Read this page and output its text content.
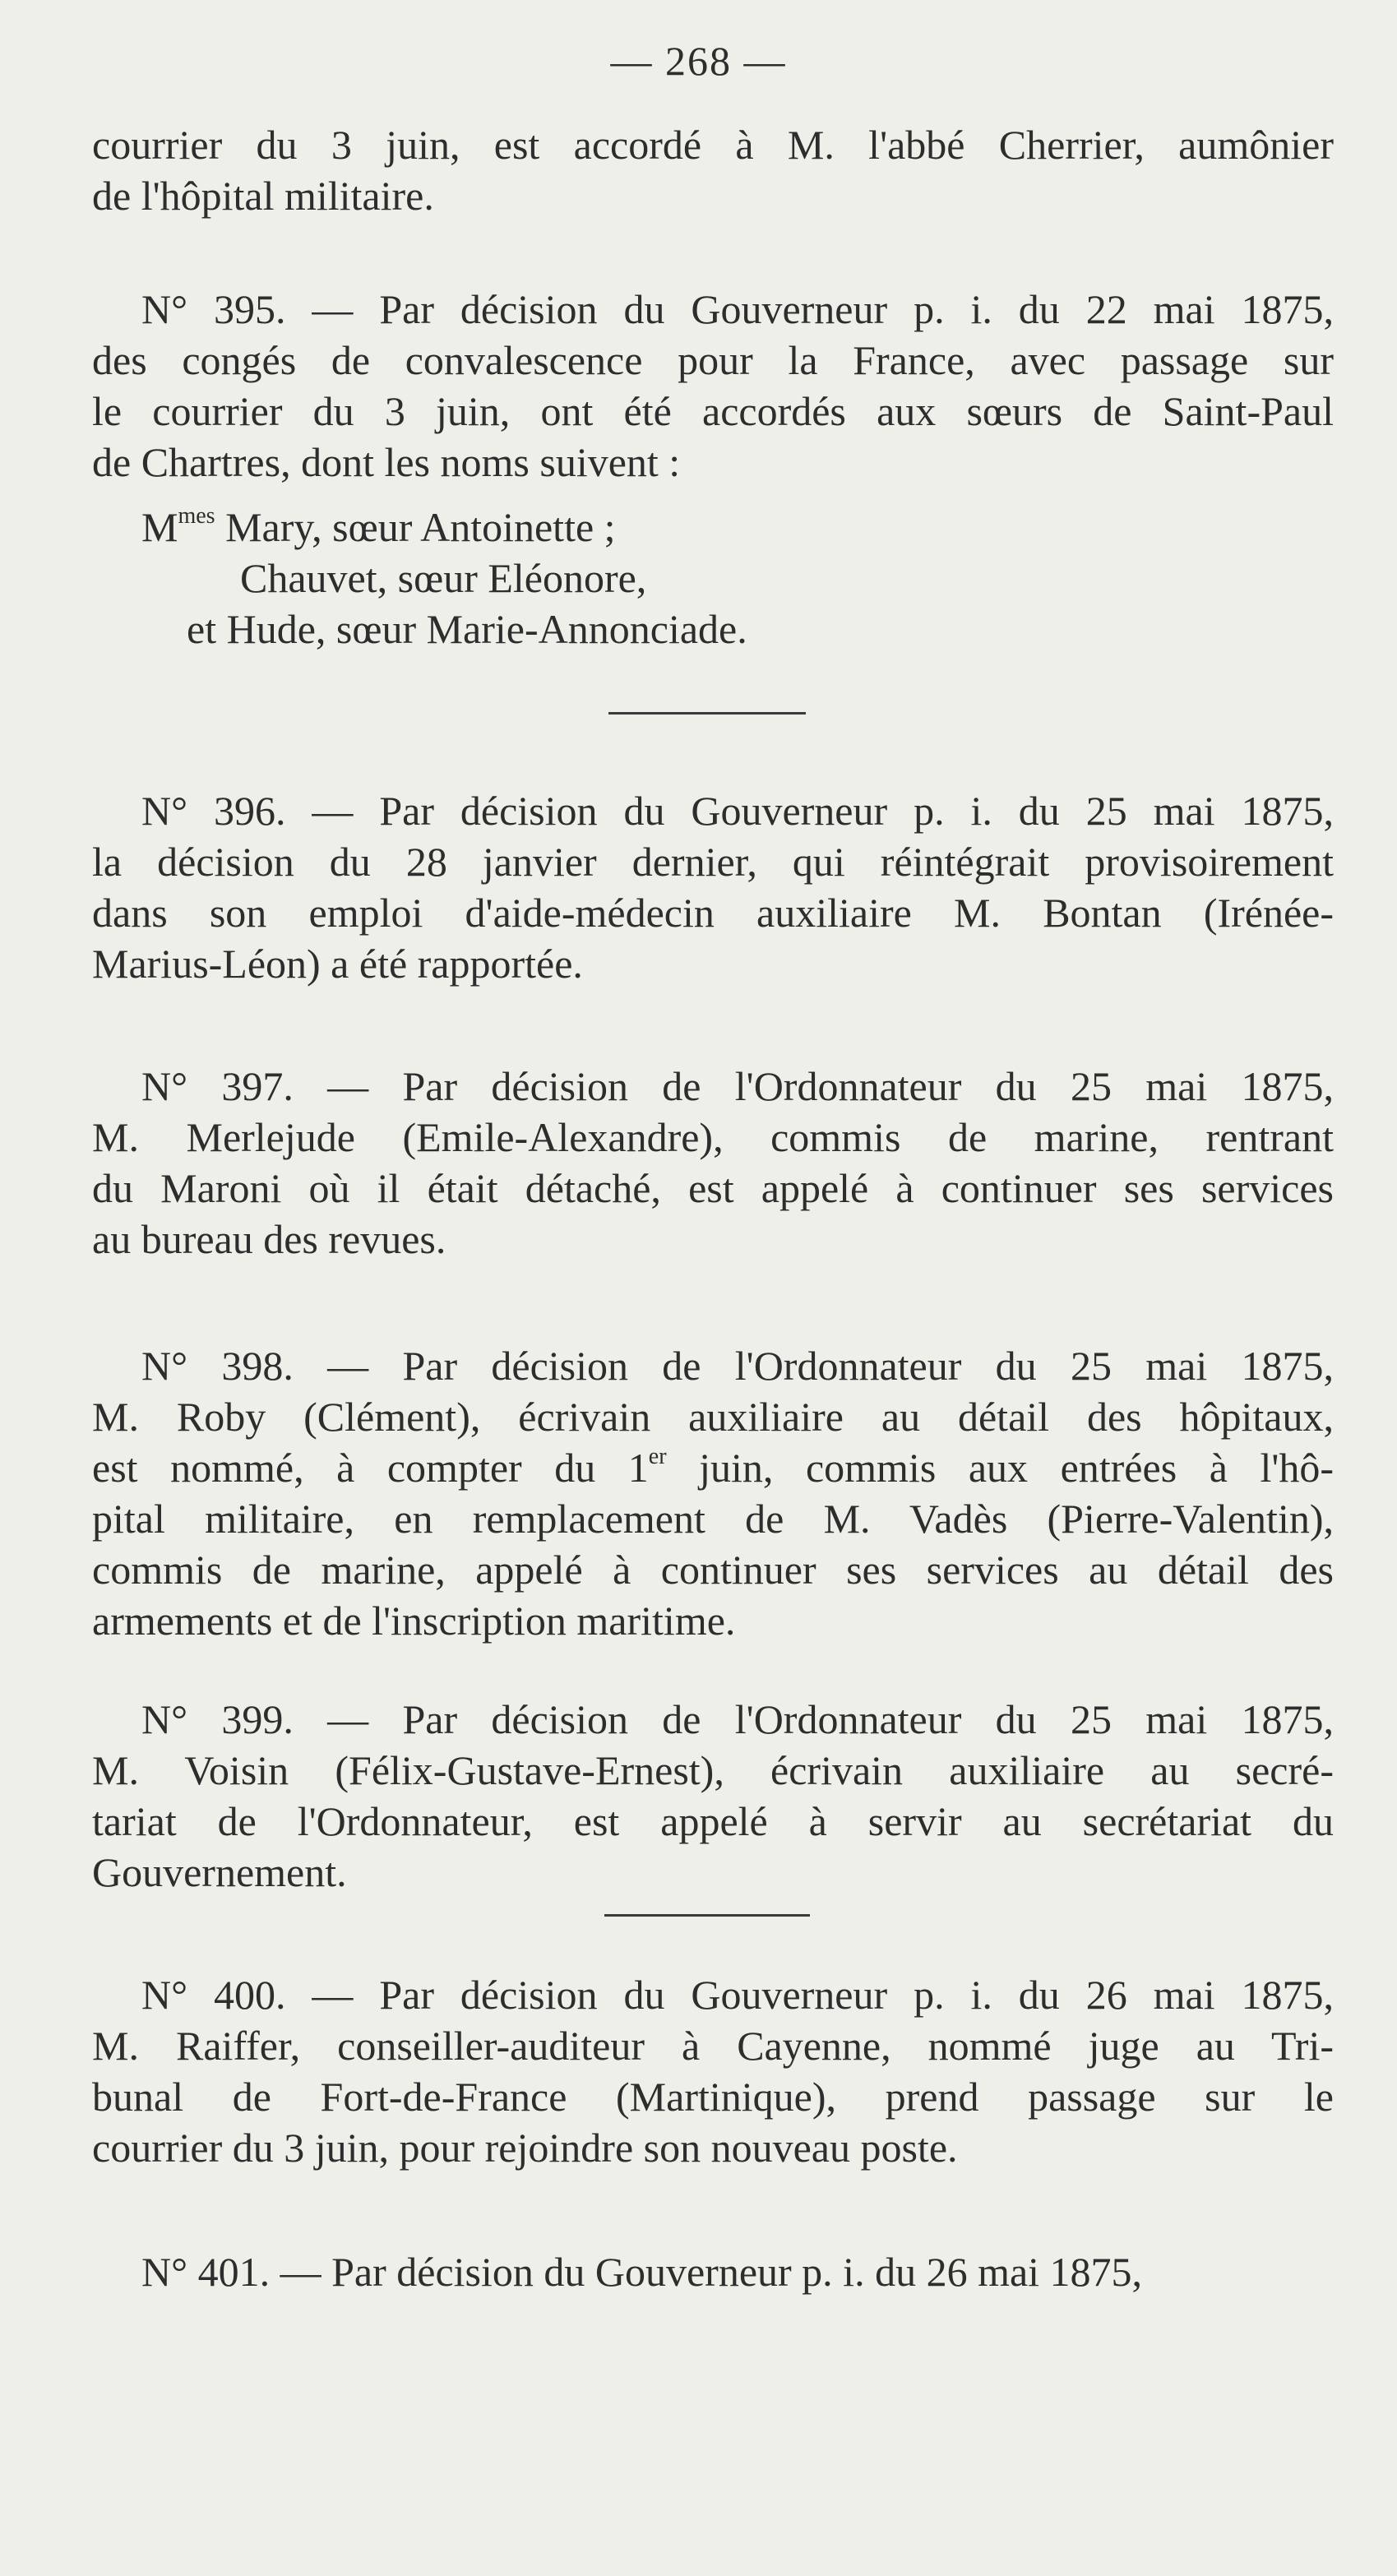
— 268 —
courrier du 3 juin, est accordé à M. l'abbé Cherrier, aumônier
de l'hôpital militaire.
N° 395. — Par décision du Gouverneur p. i. du 22 mai 1875,
des congés de convalescence pour la France, avec passage sur
le courrier du 3 juin, ont été accordés aux sœurs de Saint-Paul
de Chartres, dont les noms suivent :
$M^{mes}$ Mary, sœur Antoinette ;
Chauvet, sœur Eléonore,
et Hude, sœur Marie-Annonciade.
N° 396. — Par décision du Gouverneur p. i. du 25 mai 1875,
la décision du 28 janvier dernier, qui réintégrait provisoirement
dans son emploi d'aide-médecin auxiliaire M. Bontan (Irénée-
Marius-Léon) a été rapportée.
N° 397. — Par décision de l'Ordonnateur du 25 mai 1875,
M. Merlejude (Emile-Alexandre), commis de marine, rentrant
du Maroni où il était détaché, est appelé à continuer ses services
au bureau des revues.
N° 398. — Par décision de l'Ordonnateur du 25 mai 1875,
M. Roby (Clément), écrivain auxiliaire au détail des hôpitaux,
est nommé, à compter du 1er juin, commis aux entrées à l'hô-
pital militaire, en remplacement de M. Vadès (Pierre-Valentin),
commis de marine, appelé à continuer ses services au détail des
armements et de l'inscription maritime.
N° 399. — Par décision de l'Ordonnateur du 25 mai 1875,
M. Voisin (Félix-Gustave-Ernest), écrivain auxiliaire au secré-
tariat de l'Ordonnateur, est appelé à servir au secrétariat du
Gouvernement.
N° 400. — Par décision du Gouverneur p. i. du 26 mai 1875,
M. Raiffer, conseiller-auditeur à Cayenne, nommé juge au Tri-
bunal de Fort-de-France (Martinique), prend passage sur le
courrier du 3 juin, pour rejoindre son nouveau poste.
N° 401. — Par décision du Gouverneur p. i. du 26 mai 1875,
